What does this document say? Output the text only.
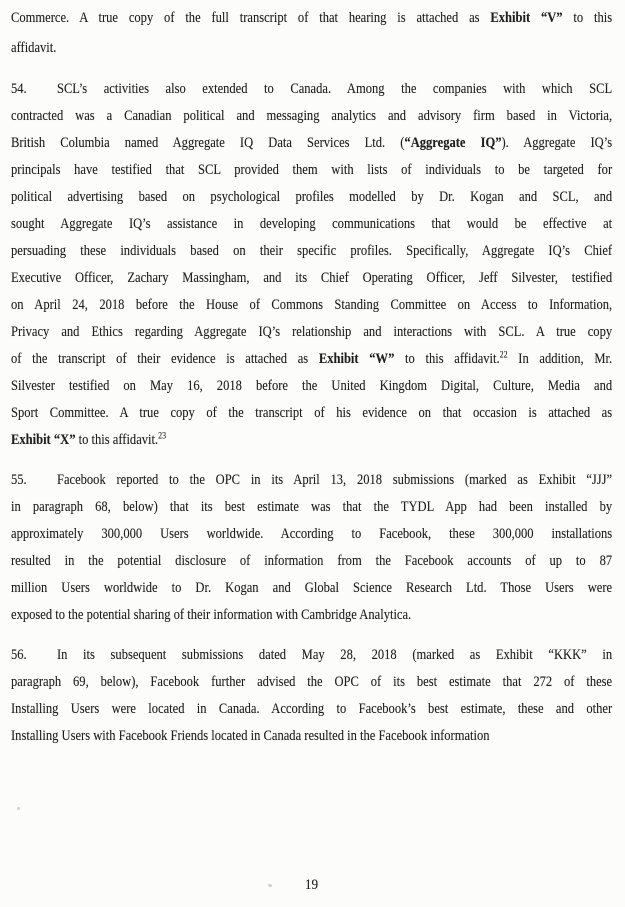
Commerce. A true copy of the full transcript of that hearing is attached as Exhibit “V” to this
affidavit.
54. SCL’s activities also extended to Canada. Among the companies with which SCL
contracted was a Canadian political and messaging analytics and advisory firm based in Victoria,
British Columbia named Aggregate IQ Data Services Ltd. (“Aggregate IQ”). Aggregate IQ’s
principals have testified that SCL provided them with lists of individuals to be targeted for
political advertising based on psychological profiles modelled by Dr. Kogan and SCL, and
sought Aggregate IQ’s assistance in developing communications that would be effective at
persuading these individuals based on their specific profiles. Specifically, Aggregate IQ’s Chief
Executive Officer, Zachary Massingham, and its Chief Operating Officer, Jeff Silvester, testified
on April 24, 2018 before the House of Commons Standing Committee on Access to Information,
Privacy and Ethics regarding Aggregate IQ’s relationship and interactions with SCL. A true copy
of the transcript of their evidence is attached as Exhibit “W” to this affidavit.$^{22}$ In addition, Mr.
Silvester testified on May 16, 2018 before the United Kingdom Digital, Culture, Media and
Sport Committee. A true copy of the transcript of his evidence on that occasion is attached as
Exhibit “X” to this affidavit.$^{23}$
55. Facebook reported to the OPC in its April 13, 2018 submissions (marked as Exhibit “JJJ”
in paragraph 68, below) that its best estimate was that the TYDL App had been installed by
approximately 300,000 Users worldwide. According to Facebook, these 300,000 installations
resulted in the potential disclosure of information from the Facebook accounts of up to 87
million Users worldwide to Dr. Kogan and Global Science Research Ltd. Those Users were
exposed to the potential sharing of their information with Cambridge Analytica.
56. In its subsequent submissions dated May 28, 2018 (marked as Exhibit “KKK” in
paragraph 69, below), Facebook further advised the OPC of its best estimate that 272 of these
Installing Users were located in Canada. According to Facebook’s best estimate, these and other
Installing Users with Facebook Friends located in Canada resulted in the Facebook information
19
